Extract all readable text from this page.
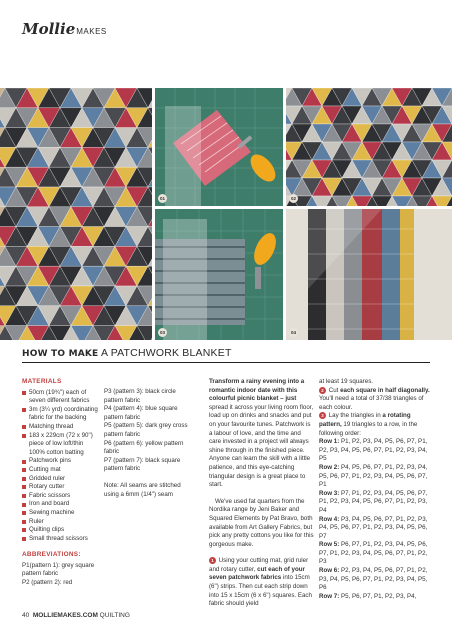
Mollie MAKES
01	02
03	04
HOW TO MAKE A PATCHWORK BLANKET
MATERIALS
50cm (19¾") each of seven different fabrics
3m (3¼ yrd) coordinating fabric for the backing
Matching thread
183 x 229cm (72 x 90") piece of low loft/thin 100% cotton batting
Patchwork pins
Cutting mat
Gridded ruler
Rotary cutter
Fabric scissors
Iron and board
Sewing machine
Ruler
Quilting clips
Small thread scissors
ABBREVIATIONS:
P1(pattern 1): grey square pattern fabric
P2 (pattern 2): red
P3 (pattern 3): black circle pattern fabric
P4 (pattern 4): blue square pattern fabric
P5 (pattern 5): dark grey cross pattern fabric
P6 (pattern 6): yellow pattern fabric
P7 (pattern 7): black square pattern fabric
Note: All seams are stitched using a 6mm (1/4") seam
Transform a rainy evening into a romantic indoor date with this colourful picnic blanket – just spread it across your living room floor, load up on drinks and snacks and put on your favourite tunes. Patchwork is a labour of love, and the time and care invested in a project will always shine through in the finished piece. Anyone can learn the skill with a little patience, and this eye-catching triangular design is a great place to start.
We've used fat quarters from the Nordika range by Jeni Baker and Squared Elements by Pat Bravo, both available from Art Gallery Fabrics, but pick any pretty cottons you like for this gorgeous make.
1 Using your cutting mat, grid ruler and rotary cutter, cut each of your seven patchwork fabrics into 15cm (6") strips. Then cut each strip down into 15 x 15cm (6 x 6") squares. Each fabric should yield
at least 19 squares.
2 Cut each square in half diagonally. You'll need a total of 37/38 triangles of each colour.
3 Lay the triangles in a rotating pattern, 19 triangles to a row, in the following order:
Row 1: P1, P2, P3, P4, P5, P6, P7, P1, P2, P3, P4, P5, P6, P7, P1, P2, P3, P4, P5
Row 2: P4, P5, P6, P7, P1, P2, P3, P4, P5, P6, P7, P1, P2, P3, P4, P5, P6, P7, P1
Row 3: P7, P1, P2, P3, P4, P5, P6, P7, P1, P2, P3, P4, P5, P6, P7, P1, P2, P3, P4
Row 4: P3, P4, P5, P6, P7, P1, P2, P3, P4, P5, P6, P7, P1, P2, P3, P4, P5, P6, P7
Row 5: P6, P7, P1, P2, P3, P4, P5, P6, P7, P1, P2, P3, P4, P5, P6, P7, P1, P2, P3
Row 6: P2, P3, P4, P5, P6, P7, P1, P2, P3, P4, P5, P6, P7, P1, P2, P3, P4, P5, P6
Row 7: P5, P6, P7, P1, P2, P3, P4,
40 MOLLIEMAKES.COM QUILTING
